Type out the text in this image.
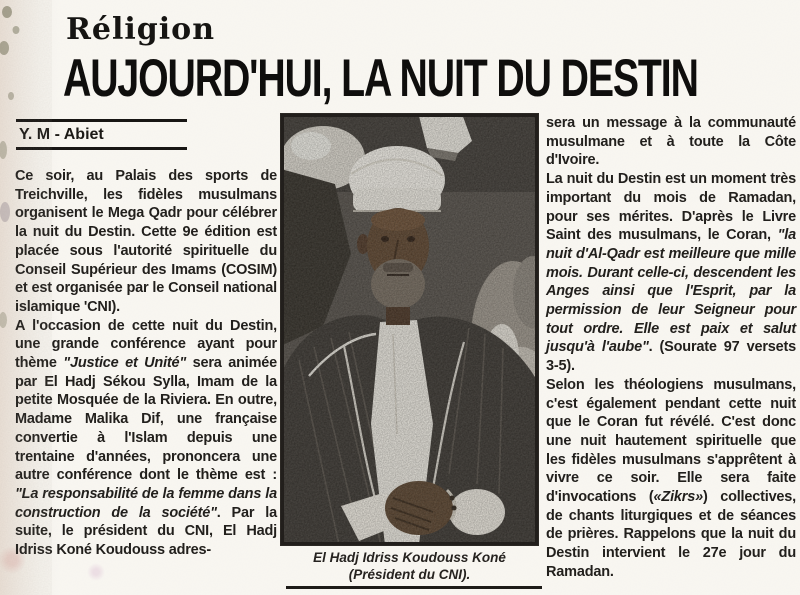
Réligion
AUJOURD'HUI, LA NUIT DU DESTIN
Y. M - Abiet

Ce soir, au Palais des sports de Treichville, les fidèles musulmans organisent le Mega Qadr pour célébrer la nuit du Destin. Cette 9e édition est placée sous l'autorité spirituelle du Conseil Supérieur des Imams (COSIM) et est organisée par le Conseil national islamique 'CNI).

A l'occasion de cette nuit du Destin, une grande conférence ayant pour thème "Justice et Unité" sera animée par El Hadj Sékou Sylla, Imam de la petite Mosquée de la Riviera. En outre, Madame Malika Dif, une française convertie à l'Islam depuis une trentaine d'années, prononcera une autre conférence dont le thème est : "La responsabilité de la femme dans la construction de la société". Par la suite, le président du CNI, El Hadj Idriss Koné Koudouss adres-	El Hadj Idriss Koudouss Koné
(Président du CNI).

sera un message à la communauté musulmane et à toute la Côte d'Ivoire.

La nuit du Destin est un moment très important du mois de Ramadan, pour ses mérites. D'après le Livre Saint des musulmans, le Coran, "la nuit d'Al-Qadr est meilleure que mille mois. Durant celle-ci, descendent les Anges ainsi que l'Esprit, par la permission de leur Seigneur pour tout ordre. Elle est paix et salut jusqu'à l'aube". (Sourate 97 versets 3-5).

Selon les théologiens musulmans, c'est également pendant cette nuit que le Coran fut révélé. C'est donc une nuit hautement spirituelle que les fidèles musulmans s'apprêtent à vivre ce soir. Elle sera faite d'invocations («Zikrs») collectives, de chants liturgiques et de séances de prières. Rappelons que la nuit du Destin intervient le 27e jour du Ramadan.
